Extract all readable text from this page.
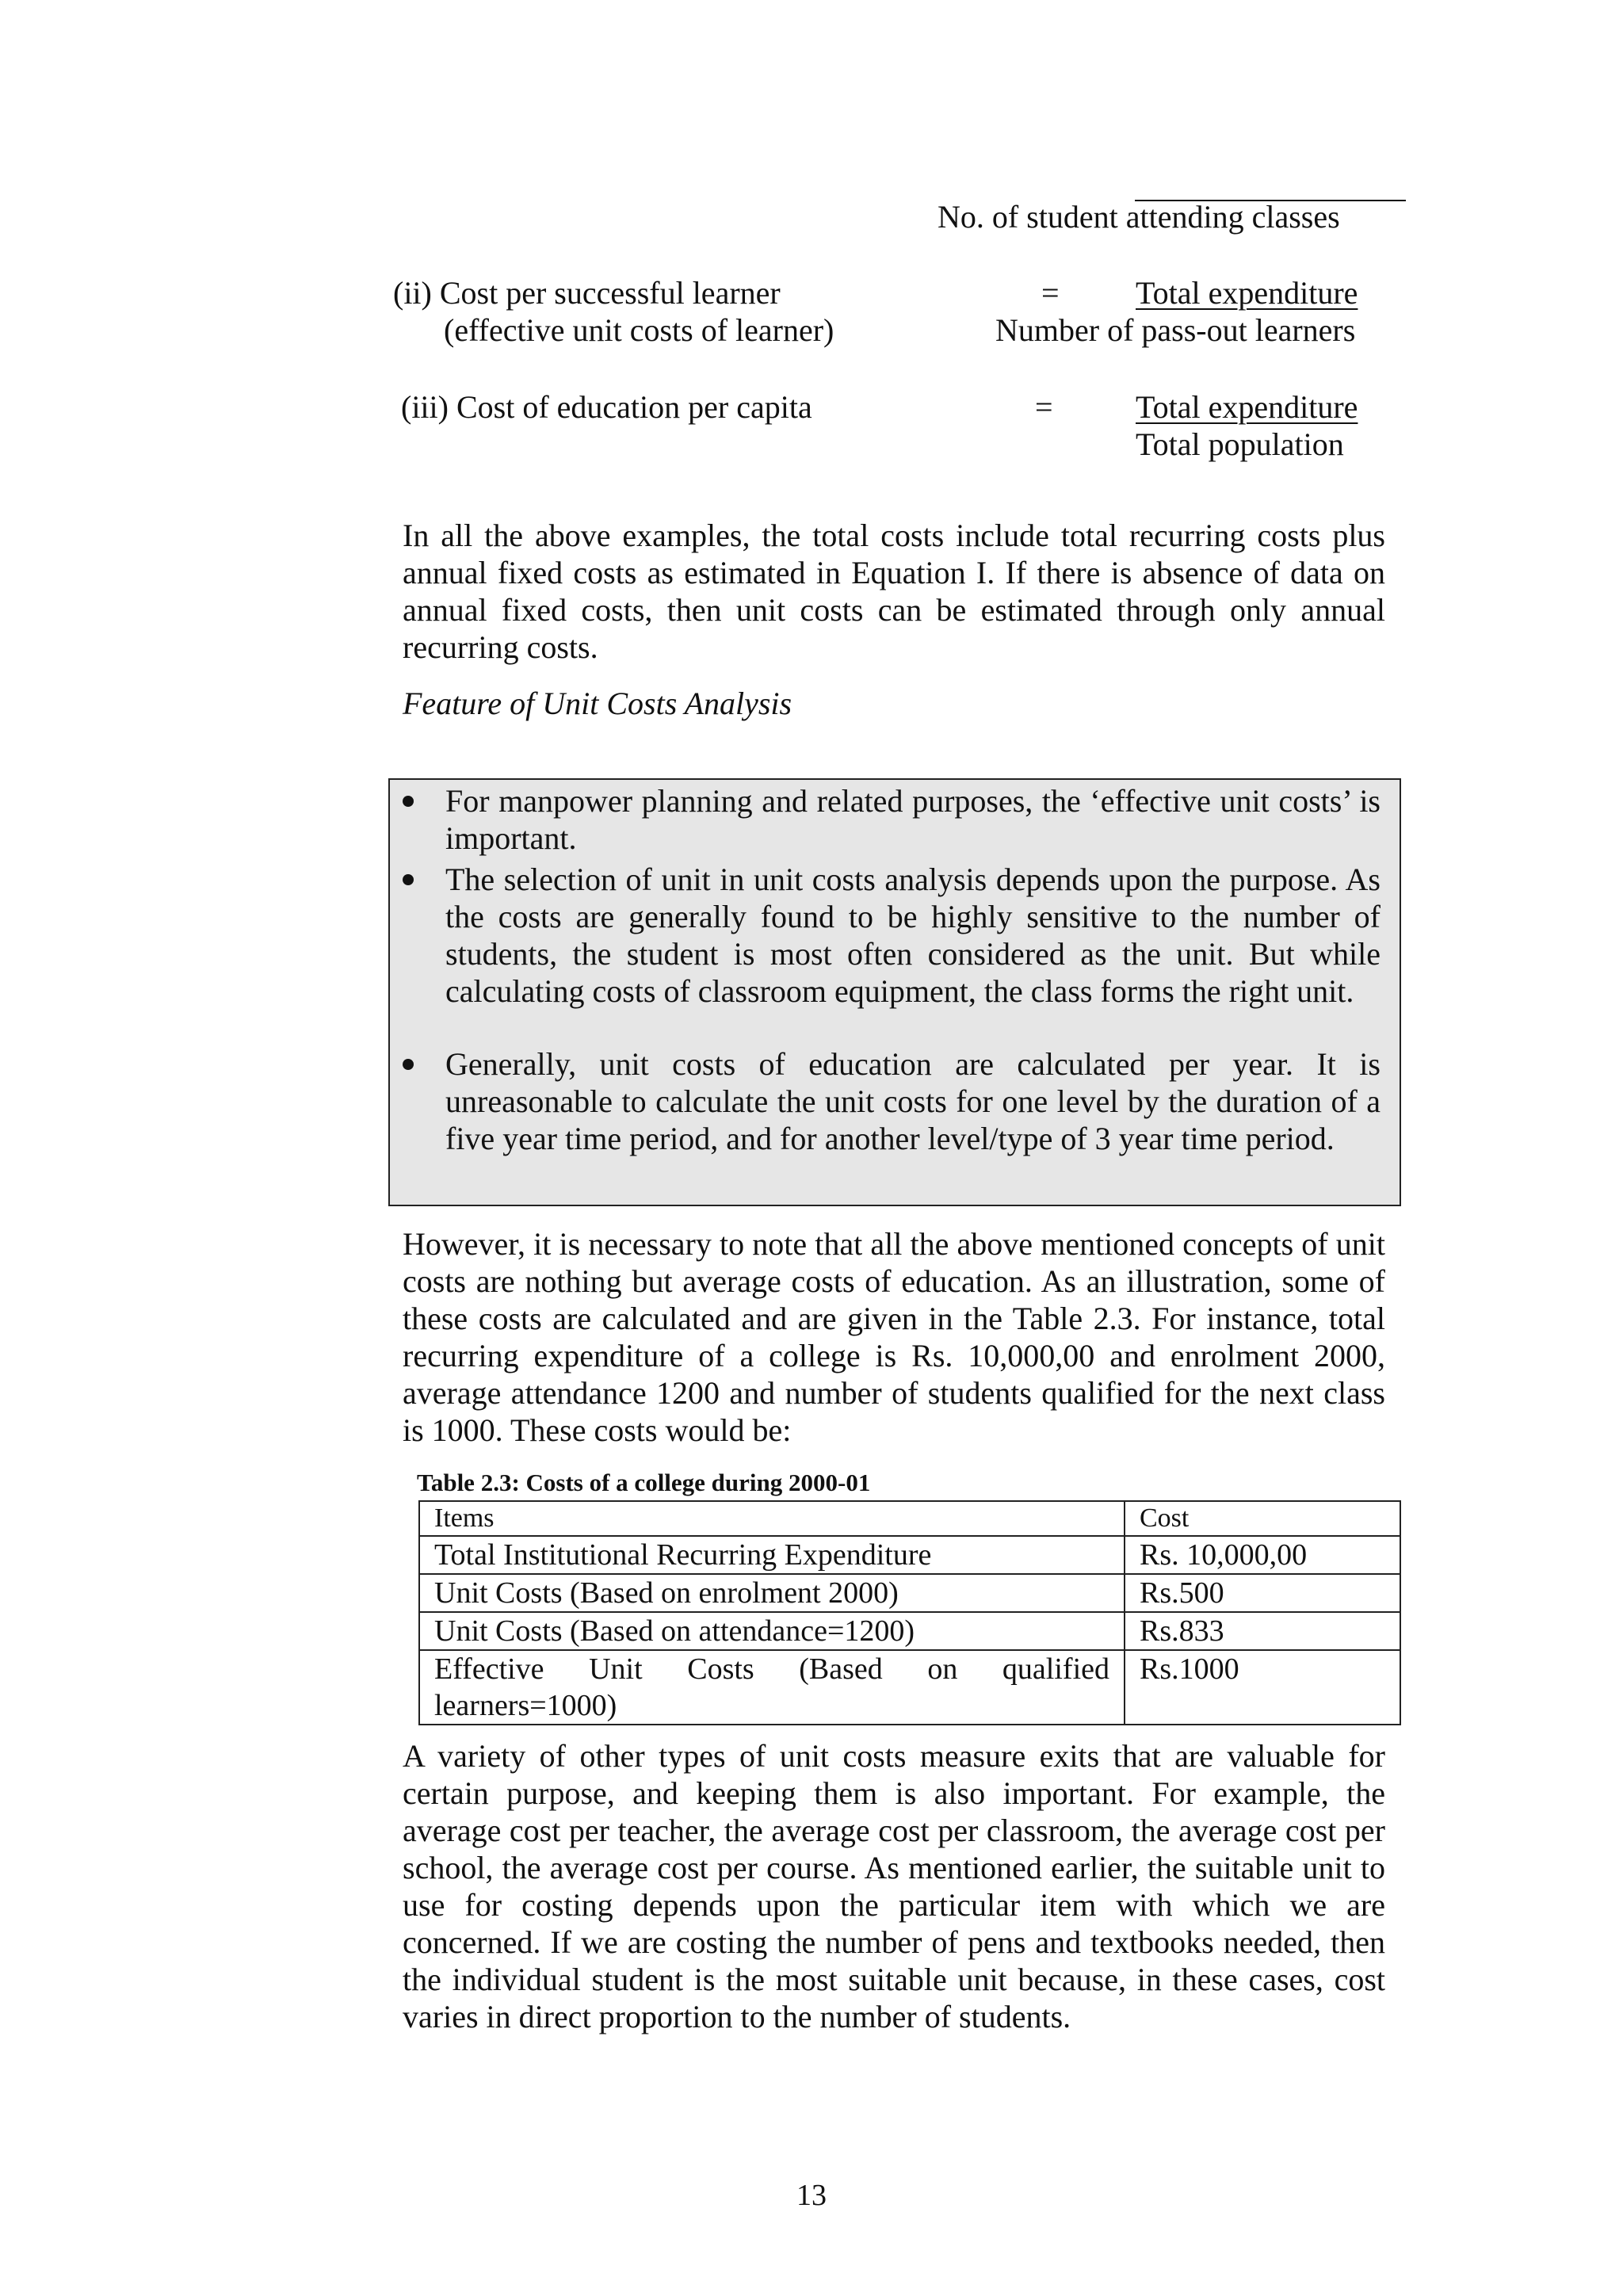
No. of student attending classes
(ii) Cost per successful learner
(effective unit costs of learner)
= Total expenditure
Number of pass-out learners
(iii) Cost of education per capita	=	Total expenditure
Total population
In all the above examples, the total costs include total recurring costs plus annual fixed costs as estimated in Equation I. If there is absence of data on annual fixed costs, then unit costs can be estimated through only annual recurring costs.
Feature of Unit Costs Analysis
For manpower planning and related purposes, the ‘effective unit costs’ is important.
The selection of unit in unit costs analysis depends upon the purpose. As the costs are generally found to be highly sensitive to the number of students, the student is most often considered as the unit. But while calculating costs of classroom equipment, the class forms the right unit.
Generally, unit costs of education are calculated per year. It is unreasonable to calculate the unit costs for one level by the duration of a five year time period, and for another level/type of 3 year time period.
However, it is necessary to note that all the above mentioned concepts of unit costs are nothing but average costs of education. As an illustration, some of these costs are calculated and are given in the Table 2.3. For instance, total recurring expenditure of a college is Rs. 10,000,00 and enrolment 2000, average attendance 1200 and number of students qualified for the next class is 1000. These costs would be:
Table 2.3: Costs of a college during 2000-01
Items	Cost
Total Institutional Recurring Expenditure	Rs. 10,000,00
Unit Costs (Based on enrolment 2000)	Rs.500
Unit Costs (Based on attendance=1200)	Rs.833

Effective Unit Costs (Based on qualified
learners=1000)	Rs.1000
A variety of other types of unit costs measure exits that are valuable for certain purpose, and keeping them is also important. For example, the average cost per teacher, the average cost per classroom, the average cost per school, the average cost per course. As mentioned earlier, the suitable unit to use for costing depends upon the particular item with which we are concerned. If we are costing the number of pens and textbooks needed, then the individual student is the most suitable unit because, in these cases, cost varies in direct proportion to the number of students.
13
